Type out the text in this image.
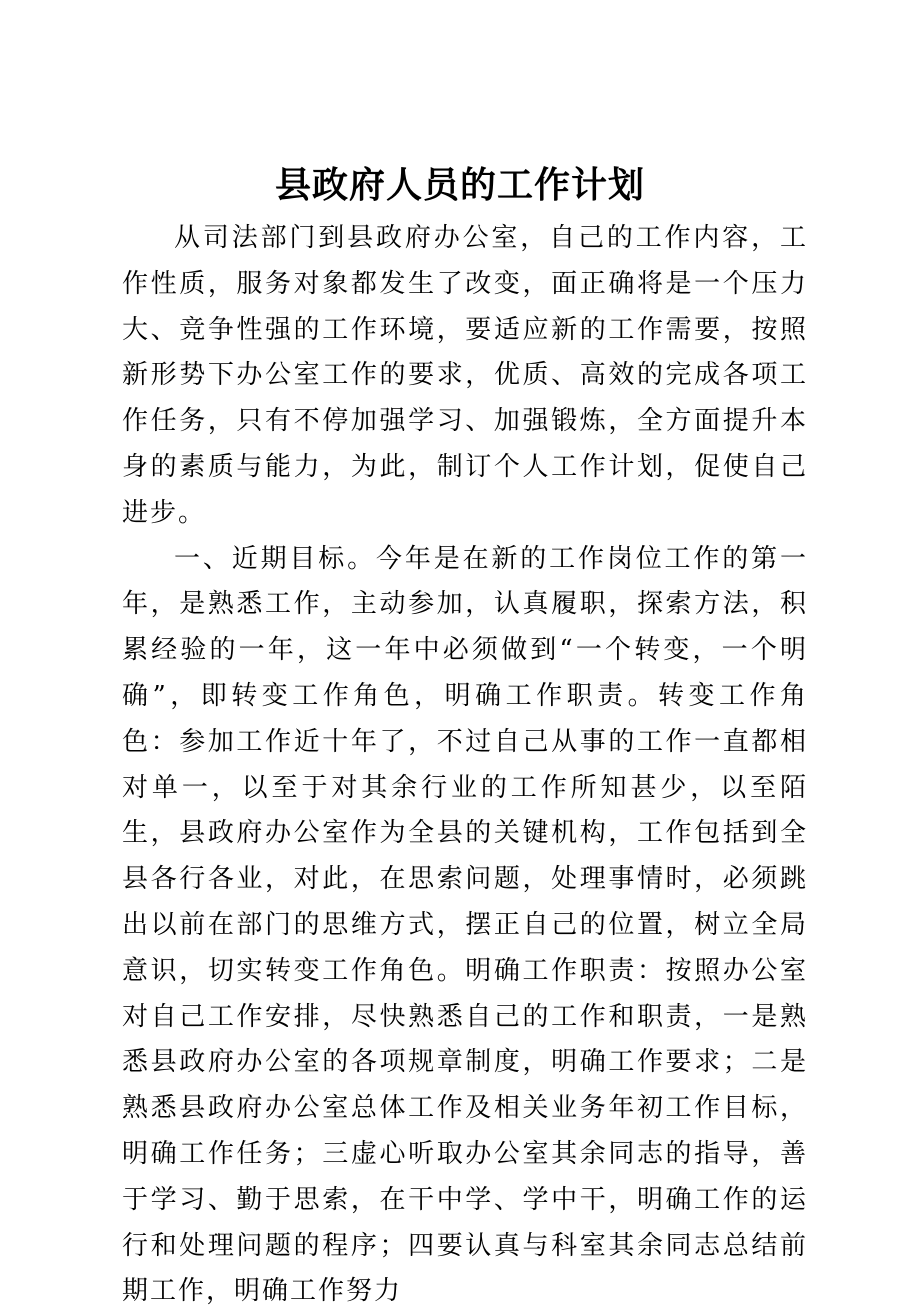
县政府人员的工作计划

从司法部门到县政府办公室，自己的工作内容，工作性质，服务对象都发生了改变，面正确将是一个压力大、竞争性强的工作环境，要适应新的工作需要，按照新形势下办公室工作的要求，优质、高效的完成各项工作任务，只有不停加强学习、加强锻炼，全方面提升本身的素质与能力，为此，制订个人工作计划，促使自己进步。

一、近期目标。今年是在新的工作岗位工作的第一年，是熟悉工作，主动参加，认真履职，探索方法，积累经验的一年，这一年中必须做到“一个转变，一个明确”，即转变工作角色，明确工作职责。转变工作角色：参加工作近十年了，不过自己从事的工作一直都相对单一，以至于对其余行业的工作所知甚少，以至陌生，县政府办公室作为全县的关键机构，工作包括到全县各行各业，对此，在思索问题，处理事情时，必须跳出以前在部门的思维方式，摆正自己的位置，树立全局意识，切实转变工作角色。明确工作职责：按照办公室对自己工作安排，尽快熟悉自己的工作和职责，一是熟悉县政府办公室的各项规章制度，明确工作要求；二是熟悉县政府办公室总体工作及相关业务年初工作目标，明确工作任务；三虚心听取办公室其余同志的指导，善于学习、勤于思索，在干中学、学中干，明确工作的运行和处理问题的程序；四要认真与科室其余同志总结前期工作，明确工作努力
